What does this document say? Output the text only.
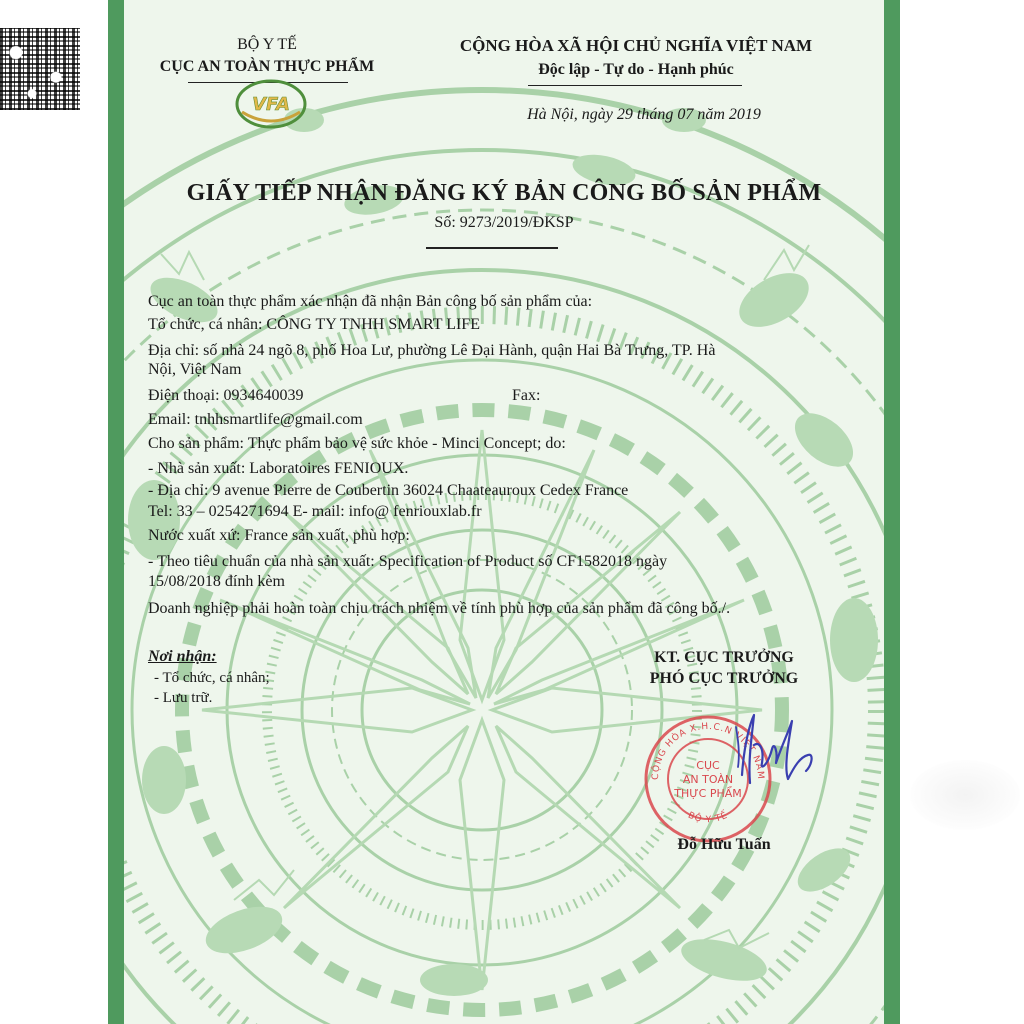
BỘ Y TẾ
CỤC AN TOÀN THỰC PHẨM
VFA
CỘNG HÒA XÃ HỘI CHỦ NGHĨA VIỆT NAM
Độc lập - Tự do - Hạnh phúc
Hà Nội, ngày 29 tháng 07 năm 2019
GIẤY TIẾP NHẬN ĐĂNG KÝ BẢN CÔNG BỐ SẢN PHẨM
Số: 9273/2019/ĐKSP
Cục an toàn thực phẩm xác nhận đã nhận Bản công bố sản phẩm của:
Tổ chức, cá nhân: CÔNG TY TNHH SMART LIFE
Địa chỉ: số nhà 24 ngõ 8, phố Hoa Lư, phường Lê Đại Hành, quận Hai Bà Trưng, TP. Hà
Nội, Việt Nam
Điện thoại: 0934640039	Fax:
Email: tnhhsmartlife@gmail.com
Cho sản phẩm: Thực phẩm bảo vệ sức khỏe - Minci Concept; do:
- Nhà sản xuất: Laboratoires FENIOUX.
- Địa chỉ: 9 avenue Pierre de Coubertin 36024 Chaateauroux Cedex France
Tel: 33 – 0254271694 E- mail: info@ fenriouxlab.fr
Nước xuất xứ: France sản xuất, phù hợp:
- Theo tiêu chuẩn của nhà sản xuất: Specification of Product số CF1582018 ngày
15/08/2018 đính kèm
Doanh nghiệp phải hoàn toàn chịu trách nhiệm về tính phù hợp của sản phẩm đã công bố./.
Nơi nhận:
- Tổ chức, cá nhân;
- Lưu trữ.
KT. CỤC TRƯỞNG
PHÓ CỤC TRƯỞNG
CỘNG HÒA X.H.C.N VIỆT NAM
BỘ Y TẾ
CỤC
AN TOÀN
THỰC PHẨM
Đỗ Hữu Tuấn
